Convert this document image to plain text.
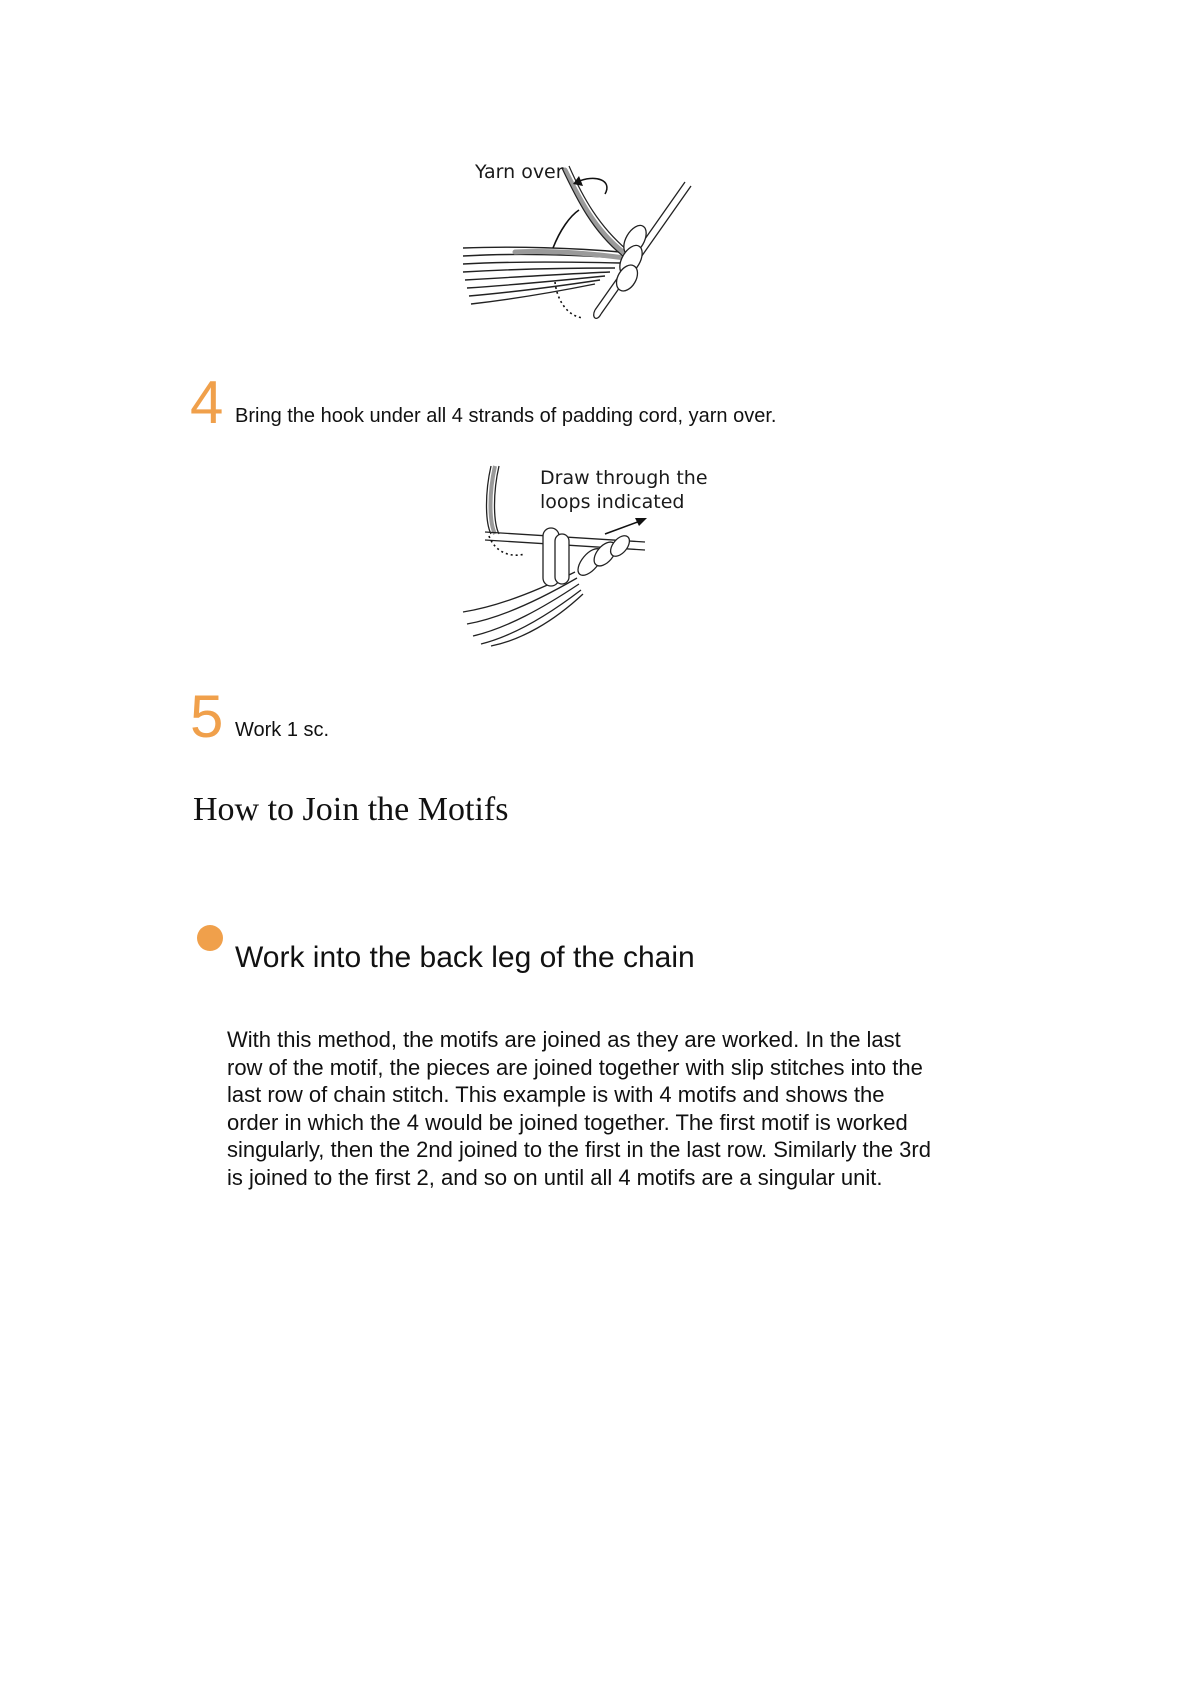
Yarn over
4 Bring the hook under all 4 strands of padding cord, yarn over.
Draw through the
loops indicated
5 Work 1 sc.
How to Join the Motifs
Work into the back leg of the chain
With this method, the motifs are joined as they are worked. In the last
row of the motif, the pieces are joined together with slip stitches into the
last row of chain stitch. This example is with 4 motifs and shows the
order in which the 4 would be joined together. The first motif is worked
singularly, then the 2nd joined to the first in the last row. Similarly the 3rd
is joined to the first 2, and so on until all 4 motifs are a singular unit.
